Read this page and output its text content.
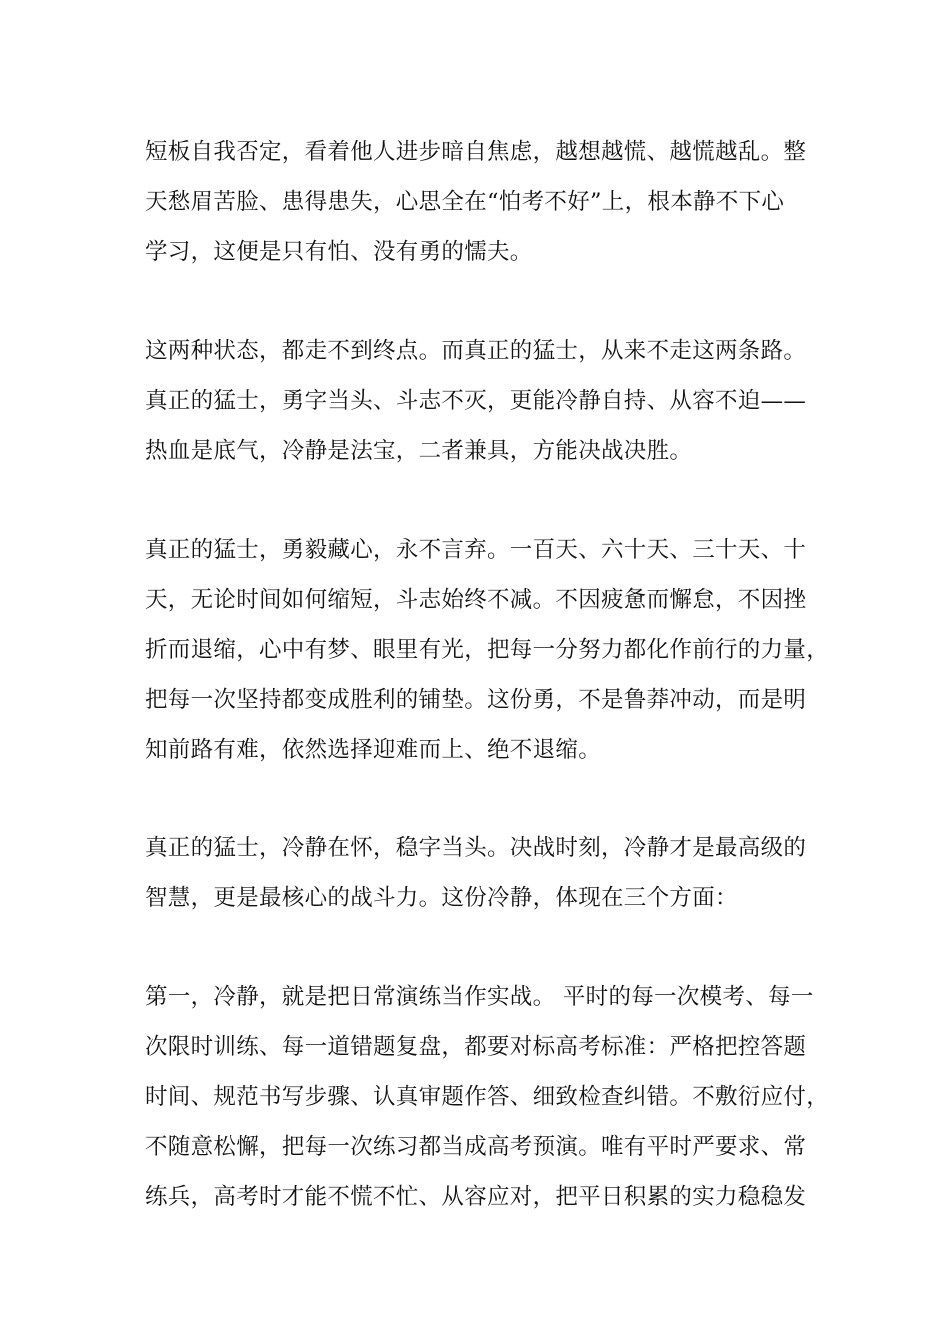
短板自我否定，看着他人进步暗自焦虑，越想越慌、越慌越乱。整
天愁眉苦脸、患得患失，心思全在“怕考不好”上，根本静不下心
学习，这便是只有怕、没有勇的懦夫。
这两种状态，都走不到终点。而真正的猛士，从来不走这两条路。
真正的猛士，勇字当头、斗志不灭，更能冷静自持、从容不迫——
热血是底气，冷静是法宝，二者兼具，方能决战决胜。
真正的猛士，勇毅藏心，永不言弃。一百天、六十天、三十天、十
天，无论时间如何缩短，斗志始终不减。不因疲惫而懈怠，不因挫
折而退缩，心中有梦、眼里有光，把每一分努力都化作前行的力量，
把每一次坚持都变成胜利的铺垫。这份勇，不是鲁莽冲动，而是明
知前路有难，依然选择迎难而上、绝不退缩。
真正的猛士，冷静在怀，稳字当头。决战时刻，冷静才是最高级的
智慧，更是最核心的战斗力。这份冷静，体现在三个方面：
第一，冷静，就是把日常演练当作实战。 平时的每一次模考、每一
次限时训练、每一道错题复盘，都要对标高考标准：严格把控答题
时间、规范书写步骤、认真审题作答、细致检查纠错。不敷衍应付，
不随意松懈，把每一次练习都当成高考预演。唯有平时严要求、常
练兵，高考时才能不慌不忙、从容应对，把平日积累的实力稳稳发
